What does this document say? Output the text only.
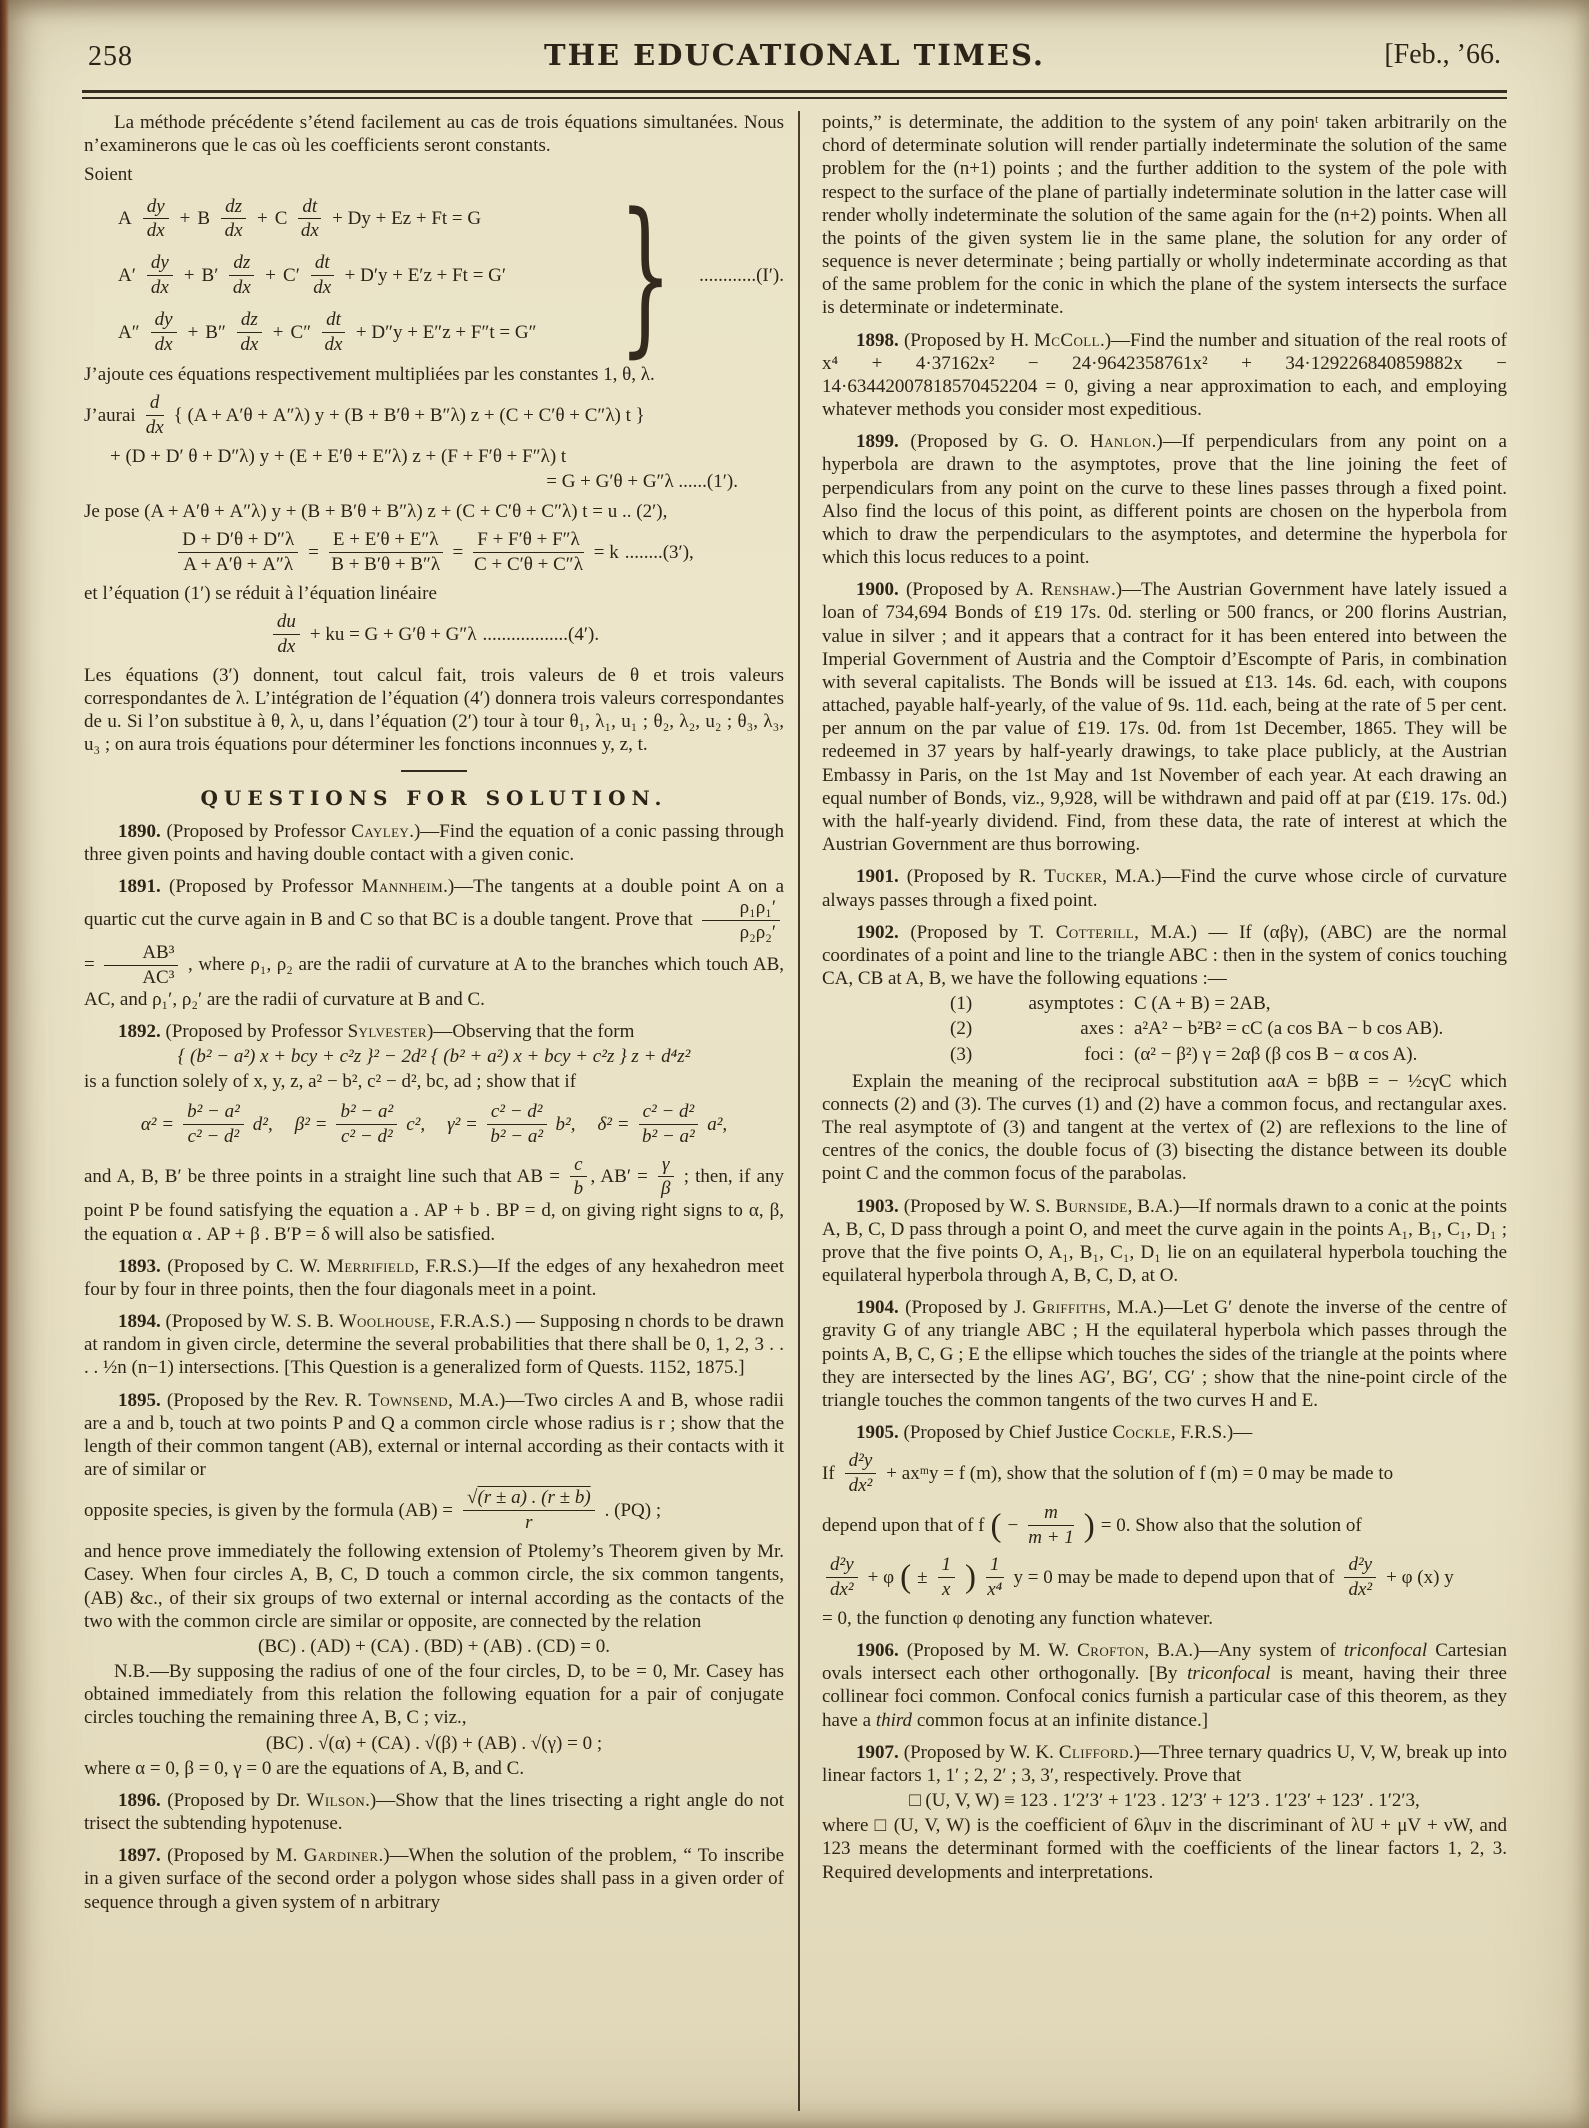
258	THE EDUCATIONAL TIMES.	[Feb., ’66.

La méthode précédente s’étend facilement au cas de trois équations simultanées. Nous n’examinerons que le cas où les coefficients seront constants.

Soient

A $\frac{dy}{dx} + B \frac{dz}{dx} + C \frac{dt}{dx} + Dy + Ez + Ft = G$
$A' \frac{dy}{dx} + B' \frac{dz}{dx} + C' \frac{dt}{dx} + D'y + E'z + Ft = G'$
$A'' \frac{dy}{dx} + B'' \frac{dz}{dx} + C'' \frac{dt}{dx} + D''y + E''z + F''t = G''$ } ............(I′).

J’ajoute ces équations respectivement multipliées par les constantes 1, θ, λ.

J’aurai $\frac{d}{dx}$ { (A + A′θ + A″λ) y + (B + B′θ + B″λ) z + (C + C′θ + C″λ) t }

+ (D + D′ θ + D″λ) y + (E + E′θ + E″λ) z + (F + F′θ + F″λ) t

= G + G′θ + G″λ ......(1′).

Je pose (A + A′θ + A″λ) y + (B + B′θ + B″λ) z + (C + C′θ + C″λ) t = u .. (2′),

$\frac{D + D'\theta + D''\lambda}{A + A'\theta + A''\lambda} = \frac{E + E'\theta + E''\lambda}{B + B'\theta + B''\lambda} = \frac{F + F'\theta + F''\lambda}{C + C'\theta + C''\lambda} = k$ ........(3′),

et l’équation (1′) se réduit à l’équation linéaire

$\frac{du}{dx}$ + ku = G + G′θ + G″λ ..................(4′).

Les équations (3′) donnent, tout calcul fait, trois valeurs de θ et trois valeurs correspondantes de λ. L’intégration de l’équation (4′) donnera trois valeurs correspondantes de u. Si l’on substitue à θ, λ, u, dans l’équation (2′) tour à tour θ₁, λ₁, u₁ ; θ₂, λ₂, u₂ ; θ₃, λ₃, u₃ ; on aura trois équations pour déterminer les fonctions inconnues y, z, t.

QUESTIONS FOR SOLUTION.

1890. (Proposed by Professor Cayley.)—Find the equation of a conic passing through three given points and having double contact with a given conic.

1891. (Proposed by Professor Mannheim.)—The tangents at a double point A on a quartic cut the curve again in B and C so that BC is a double tangent. Prove that $\frac{\text{ρ₁ρ₁′}}{\text{ρ₂ρ₂′}}$
= $\frac{\text{AB³}}{\text{AC³}}$ , where ρ₁, ρ₂ are the radii of curvature at A to the branches which touch AB, AC, and ρ₁′, ρ₂′ are the radii of curvature at B and C.

1892. (Proposed by Professor Sylvester)—Observing that the form

{ (b² − a²) x + bcy + c²z }² − 2d² { (b² + a²) x + bcy + c²z } z + d⁴z²

is a function solely of x, y, z, a² − b², c² − d², bc, ad ; show that if

$\alpha^2 = \frac{\text{b² − a²}}{\text{c² − d²}} d^2$, $\beta^2 = \frac{\text{b² − a²}}{\text{c² − d²}} c^2$, $\gamma^2 = \frac{\text{c² − d²}}{\text{b² − a²}} b^2$, $\delta^2 = \frac{\text{c² − d²}}{\text{b² − a²}} a^2$,

and A, B, B′ be three points in a straight line such that AB = $\frac{c}{b}$ , $AB' = \frac{\gamma}{\beta}$ ; then, if any point P be found satisfying the equation a . AP + b . BP = d, on giving right signs to α, β, the equation α . AP + β . B′P = δ will also be satisfied.

1893. (Proposed by C. W. Merrifield, F.R.S.)—If the edges of any hexahedron meet four by four in three points, then the four diagonals meet in a point.

1894. (Proposed by W. S. B. Woolhouse, F.R.A.S.) — Supposing n chords to be drawn at random in given circle, determine the several probabilities that there shall be 0, 1, 2, 3 . . . . ½n (n−1) intersections. [This Question is a generalized form of Quests. 1152, 1875.]

1895. (Proposed by the Rev. R. Townsend, M.A.)—Two circles A and B, whose radii are a and b, touch at two points P and Q a common circle whose radius is r ; show that the length of their common tangent (AB), external or internal according as their contacts with it are of similar or

opposite species, is given by the formula $(AB) = \frac{√(r \pm a) . (r \pm b)}{r}$ . (PQ) ;

and hence prove immediately the following extension of Ptolemy’s Theorem given by Mr. Casey. When four circles A, B, C, D touch a common circle, the six common tangents, (AB) &c., of their six groups of two external or internal according as the contacts of the two with the common circle are similar or opposite, are connected by the relation

(BC) . (AD) + (CA) . (BD) + (AB) . (CD) = 0.

N.B.—By supposing the radius of one of the four circles, D, to be = 0, Mr. Casey has obtained immediately from this relation the following equation for a pair of conjugate circles touching the remaining three A, B, C ; viz.,

(BC) . √(α) + (CA) . √(β) + (AB) . √(γ) = 0 ;

where α = 0, β = 0, γ = 0 are the equations of A, B, and C.

1896. (Proposed by Dr. Wilson.)—Show that the lines trisecting a right angle do not trisect the subtending hypotenuse.

1897. (Proposed by M. Gardiner.)—When the solution of the problem, “ To inscribe in a given surface of the second order a polygon whose sides shall pass in a given order of sequence through a given system of n arbitrary

points,” is determinate, the addition to the system of any poinᵗ taken arbitrarily on the chord of determinate solution will render partially indeterminate the solution of the same problem for the (n+1) points ; and the further addition to the system of the pole with respect to the surface of the plane of partially indeterminate solution in the latter case will render wholly indeterminate the solution of the same again for the (n+2) points. When all the points of the given system lie in the same plane, the solution for any order of sequence is never determinate ; being partially or wholly indeterminate according as that of the same problem for the conic in which the plane of the system intersects the surface is determinate or indeterminate.

1898. (Proposed by H. McColl.)—Find the number and situation of the real roots of x⁴ + 4·37162x² − 24·9642358761x² + 34·129226840859882x − 14·63442007818570452204 = 0, giving a near approximation to each, and employing whatever methods you consider most expeditious.

1899. (Proposed by G. O. Hanlon.)—If perpendiculars from any point on a hyperbola are drawn to the asymptotes, prove that the line joining the feet of perpendiculars from any point on the curve to these lines passes through a fixed point. Also find the locus of this point, as different points are chosen on the hyperbola from which to draw the perpendiculars to the asymptotes, and determine the hyperbola for which this locus reduces to a point.

1900. (Proposed by A. Renshaw.)—The Austrian Government have lately issued a loan of 734,694 Bonds of £19 17s. 0d. sterling or 500 francs, or 200 florins Austrian, value in silver ; and it appears that a contract for it has been entered into between the Imperial Government of Austria and the Comptoir d’Escompte of Paris, in combination with several capitalists. The Bonds will be issued at £13. 14s. 6d. each, with coupons attached, payable half-yearly, of the value of 9s. 11d. each, being at the rate of 5 per cent. per annum on the par value of £19. 17s. 0d. from 1st December, 1865. They will be redeemed in 37 years by half-yearly drawings, to take place publicly, at the Austrian Embassy in Paris, on the 1st May and 1st November of each year. At each drawing an equal number of Bonds, viz., 9,928, will be withdrawn and paid off at par (£19. 17s. 0d.) with the half-yearly dividend. Find, from these data, the rate of interest at which the Austrian Government are thus borrowing.

1901. (Proposed by R. Tucker, M.A.)—Find the curve whose circle of curvature always passes through a fixed point.

1902. (Proposed by T. Cotterill, M.A.) — If (αβγ), (ABC) are the normal coordinates of a point and line to the triangle ABC : then in the system of conics touching CA, CB at A, B, we have the following equations :—

(1)	asymptotes : C (A + B) = 2AB,
(2)	axes : a²A² − b²B² = cC (a cos BA − b cos AB).
(3)	foci : (α² − β²) γ = 2αβ (β cos B − α cos A).

Explain the meaning of the reciprocal substitution aαA = bβB = − ½cγC which connects (2) and (3). The curves (1) and (2) have a common focus, and rectangular axes. The real asymptote of (3) and tangent at the vertex of (2) are reflexions to the line of centres of the conics, the double focus of (3) bisecting the distance between its double point C and the common focus of the parabolas.

1903. (Proposed by W. S. Burnside, B.A.)—If normals drawn to a conic at the points A, B, C, D pass through a point O, and meet the curve again in the points A₁, B₁, C₁, D₁ ; prove that the five points O, A₁, B₁, C₁, D₁ lie on an equilateral hyperbola touching the equilateral hyperbola through A, B, C, D, at O.

1904. (Proposed by J. Griffiths, M.A.)—Let G′ denote the inverse of the centre of gravity G of any triangle ABC ; H the equilateral hyperbola which passes through the points A, B, C, G ; E the ellipse which touches the sides of the triangle at the points where they are intersected by the lines AG′, BG′, CG′ ; show that the nine-point circle of the triangle touches the common tangents of the two curves H and E.

1905. (Proposed by Chief Justice Cockle, F.R.S.)—

If $\frac{\text{d²y}}{\text{dx²}}$ + axᵐy = f (m), show that the solution of f (m) = 0 may be made to
depend upon that of f ( − $\frac{m}{m + 1}$ ) = 0. Show also that the solution of
$\frac{\text{d²y}}{\text{dx²}} + \varphi$ ( ± $\frac{1}{x}$ ) $\frac{1}{\text{x⁴}}$ y = 0 may be made to depend upon that of $\frac{\text{d²y}}{\text{dx²}} + \varphi$ (x) y

= 0, the function φ denoting any function whatever.

1906. (Proposed by M. W. Crofton, B.A.)—Any system of triconfocal Cartesian ovals intersect each other orthogonally. [By triconfocal is meant, having their three collinear foci common. Confocal conics furnish a particular case of this theorem, as they have a third common focus at an infinite distance.]

1907. (Proposed by W. K. Clifford.)—Three ternary quadrics U, V, W, break up into linear factors 1, 1′ ; 2, 2′ ; 3, 3′, respectively. Prove that

□ (U, V, W) ≡ 123 . 1′2′3′ + 1′23 . 12′3′ + 12′3 . 1′23′ + 123′ . 1′2′3,

where □ (U, V, W) is the coefficient of 6λμν in the discriminant of λU + μV + νW, and 123 means the determinant formed with the coefficients of the linear factors 1, 2, 3. Required developments and interpretations.
